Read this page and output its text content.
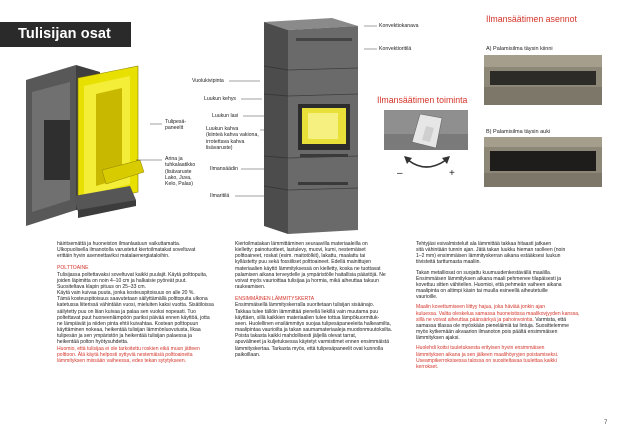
Tulisijan osat
Tulipesä-
paneelit
Arina ja
tuhkalaatikko
(lisävaruste
Lako, Juva,
Kelo, Palas)
Konvektiokanava
Konvektioritilä
Vuolukivipinta
Luukun kehys
Luukun lasi
Luukun kahva
(kiinteä kahva vakiona,
irrotettava kahva
lisävaruste)
Ilmansäädin
Ilmaritilä
Ilmansäätimen toiminta
–	+
Ilmansäätimen asennot
A) Palamisilma täysin kiinni
B) Palamisilma täysin auki

häiritsemättä ja huoneiston ilmanlaatuun vaikuttamatta.
Ulkopuolisella ilmanotolla varustetut kiertoilmatakat soveltuvat
erittäin hyvin asennettaviksi matalaenergiataloihin.

POLTTOAINE

Tulisijassa poltettavaksi soveltuvat kaikki puulajit. Käytä polttopuita,
joiden läpimitta on noin 4–10 cm ja halkaisie pyöreät puut.
Suositeltava klapin pituus on 25–33 cm.

Käytä vain kuivaa puuta, jonka kosteuspitoisuus on alle 20 %.
Tämä kosteuspitoisuus saavutetaan säilyttämällä polttopuita ulkona
katetussa liiterissä vähintään vuosi, mieluiten kaksi vuotta. Sisätiloissa
säilytetty puu on liian kuivaa ja palaa sen vuoksi nopeasti. Tuo
poltettavat puut huoneenlämpöön pariksi päivää ennen käyttöä, jotta
ne lämpiävät ja niiden pinta ehtii kuivahtaa. Kostean polttopuun
käyttäminen nokeaa, heikentää tulisijan lämmönluovutusta, likaa
tulipesän ja sen ympäristön ja heikentää tulisijan palaessa ja
heikentää polton hyötysuhdetta.

Huomio, että tulisijaa ei ole tarkoitettu roskien eikä muun jätteen
polttoon. Älä käytä helposti syttyviä nestemäisiä polttoaineita
lämmityksen missään vaiheessa, edes tekan sytytykseen.

Kiertoilmatakan lämmittäminen seuraavilla materiaaleilla on
kielletty: painotuotteet, lastulevy, muovi, kumi, nestemäiset
polttoaineet, roskat (esim. maitotölkit), lakattu, maalattu tai
kyllästetty puu sekä fossiiliset polttoaineet. Edellä mainittujen
materiaalien käyttö lämmityksessä on kielletty, koska ne tuottavat
palamisen aikana terveydelle ja ympäristölle haitallisia päästöjä. Ne
voivat myös vaurioittaa tulisijaa ja hormia, mikä aiheuttaa takuun
raukeamisen.

ENSIMMÄINEN LÄMMITYSKERTA

Ensimmäisellä lämmityskerralla suoritetaan tulisijan sisäänajo.
Takkaa tulee tällöin lämmittää pienellä liekillä vain muutama puu
käyttäen, sillä kaikkien materiaalien tulee tottua lämpökuormituk-
seen. Huolellinen ensilämmitys suojaa tulipesäpaneeleita halkeamilta,
maalipintaa vaurioilta ja takan saumamateriaaleja muodonmuutoksilta.

Poista takasta kaikki mahdollisesti jäljellä olevat tarrat,
apuvälineet ja kuljetuksessa käytetyt varmistimet ennen ensimmäistä
lämmityskertaa. Tarkasta myös, että tulipesäpaneelit ovat kunnolla
paikoillaan.

Tehtyjäsi esivalmisteluit ala lämmittää takkaa hitaasti jatkaen
sitä vähintään tunnin ajan. Jätä takan luukku hieman raolleen (noin
1–2 mm) ensimmäisen lämmityskerran aikana estääksesi luukun
tiivisteitä tarttumasta maaliin.

Takan metalliosat on suojattu kuumuudenkestävällä maalilla.
Ensimmäisen lämmityksen aikana maali pehmenee tilapäisesti ja
kovettuu sitten vähitellen. Huomioi, että pehmeän vaiheen aikana
maalipinta on altimpi käsin tai muulla esineellä aiheutetuille
vaurioille.

Maalin kovettumiseen liittyy hajua, joka häviää jonkin ajan
kuluessa. Valita oleskelua samassa huoneistissa maalikovjyyden kanssa,
sillä ne voivat aiheuttaa päänsärkyä ja pahoinvointia. Varmista, että
samassa tilassa ole myöskään pieneläimiä tai lintuja. Suosittelemme
myös kytkemään akvaarion ilmanoton pois päältä ensimmäisen
lämmityksen ajaksi.

Huolehdi koitsi tuuletuksesta erityisen hyvin ensimmäisen
lämmityksen aikana ja sen jälkeen maalihöyryjen poistamiseksi.
Useampikerroksisessa talossa on suositeltavaa tuulettaa kaikki
kerrokset.

7
